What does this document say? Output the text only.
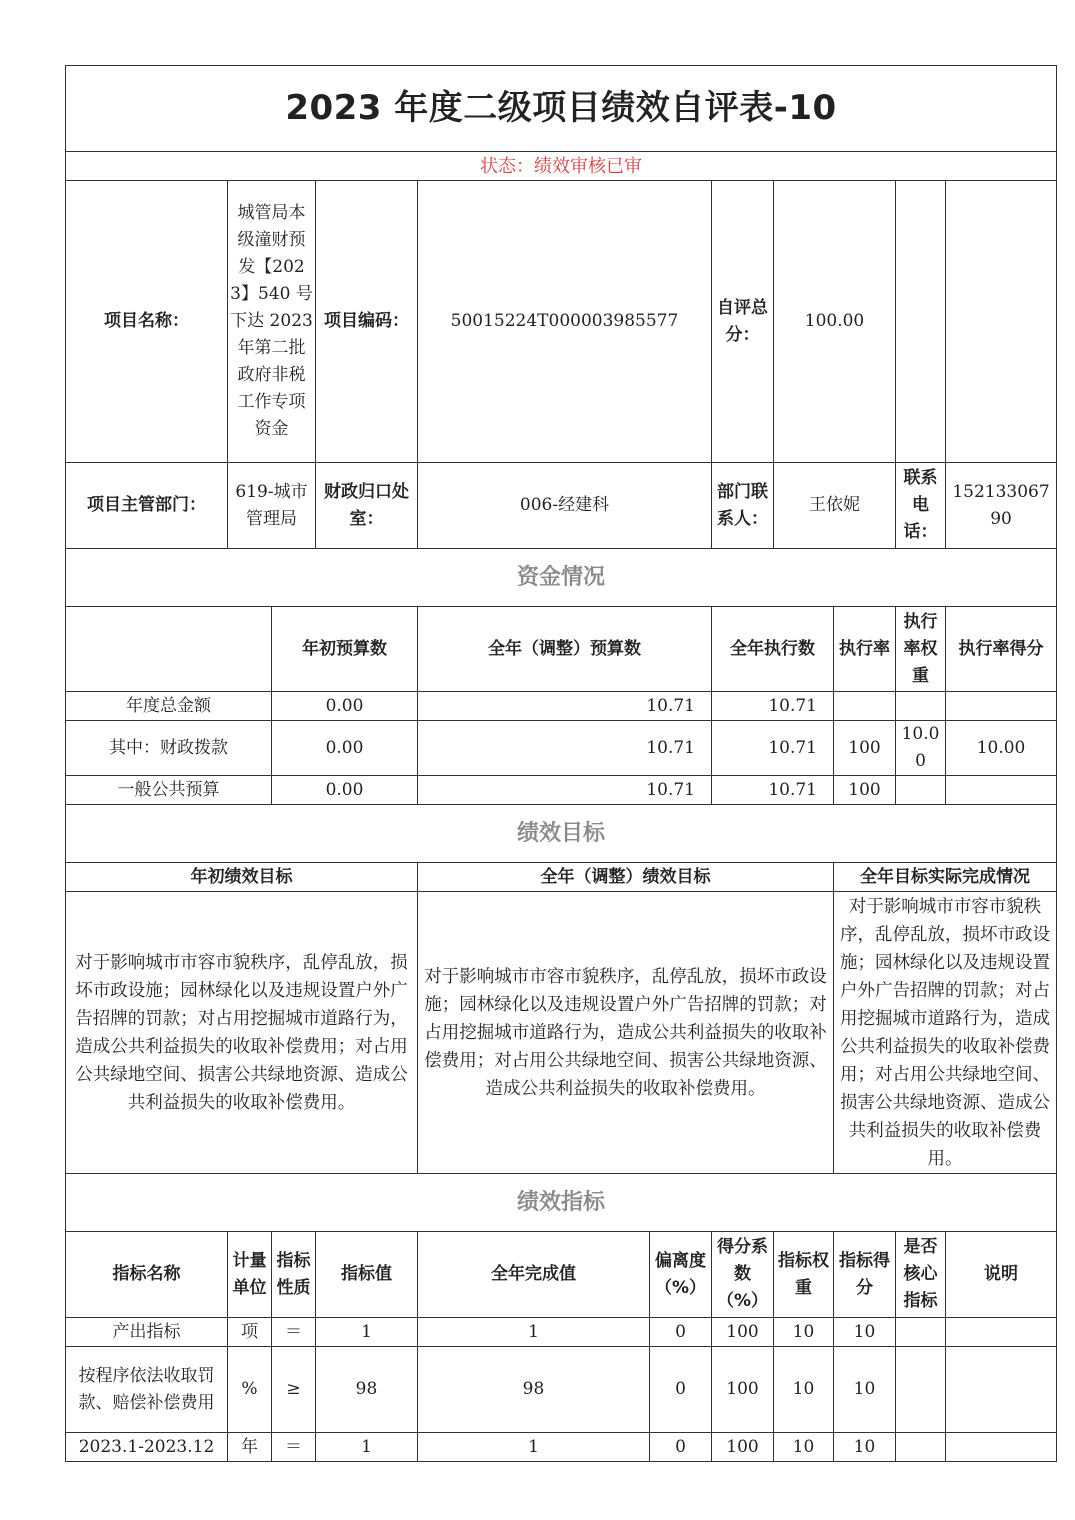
2023 年度二级项目绩效自评表-10										
状态：绩效审核已审										
项目名称：	城管局本级潼财预发【2023】540 号下达 2023 年第二批政府非税工作专项资金		项目编码：	50015224T000003985577		自评总分：	100.00			
项目主管部门：	619-城市管理局		财政归口处室：	006-经建科		部门联系人：	王依妮		联系电话：	15213306790
资金情况										
		年初预算数		全年（调整）预算数		全年执行数		执行率	执行率权重	执行率得分
年度总金额		0.00		10.71		10.71				
其中：财政拨款		0.00		10.71		10.71		100	10.00	10.00
一般公共预算		0.00		10.71		10.71		100		
绩效目标										
年初绩效目标				全年（调整）绩效目标				全年目标实际完成情况		
对于影响城市市容市貌秩序，乱停乱放，损坏市政设施；园林绿化以及违规设置户外广告招牌的罚款；对占用挖掘城市道路行为，造成公共利益损失的收取补偿费用；对占用公共绿地空间、损害公共绿地资源、造成公共利益损失的收取补偿费用。				对于影响城市市容市貌秩序，乱停乱放，损坏市政设施；园林绿化以及违规设置户外广告招牌的罚款；对占用挖掘城市道路行为，造成公共利益损失的收取补偿费用；对占用公共绿地空间、损害公共绿地资源、造成公共利益损失的收取补偿费用。				对于影响城市市容市貌秩序，乱停乱放，损坏市政设施；园林绿化以及违规设置户外广告招牌的罚款；对占用挖掘城市道路行为，造成公共利益损失的收取补偿费用；对占用公共绿地空间、损害公共绿地资源、造成公共利益损失的收取补偿费用。		
绩效指标										
指标名称	计量单位	指标性质	指标值	全年完成值	偏离度（%）	得分系数（%）	指标权重	指标得分	是否核心指标	说明
产出指标	项	＝	1	1	0	100	10	10		
按程序依法收取罚款、赔偿补偿费用	%	≥	98	98	0	100	10	10		
2023.1-2023.12	年	＝	1	1	0	100	10	10		
